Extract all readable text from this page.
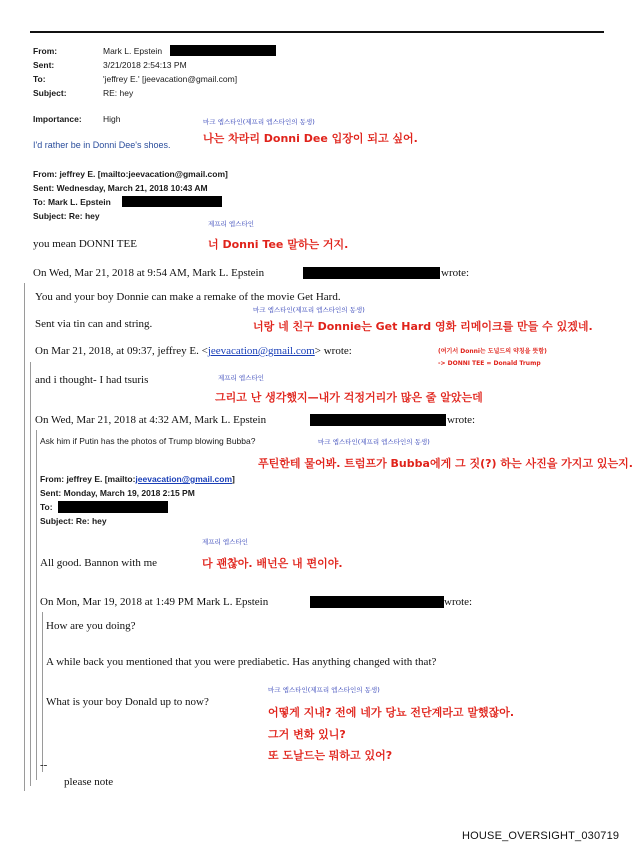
From:	Mark L. Epstein
Sent:	3/21/2018 2:54:13 PM
To:	'jeffrey E.' [jeevacation@gmail.com]
Subject:	RE: hey
Importance:	High	마크 엡스타인(제프리 엡스타인의 동생)
나는 차라리 Donni Dee 입장이 되고 싶어.
I'd rather be in Donni Dee's shoes.
From: jeffrey E. [mailto:jeevacation@gmail.com]
Sent: Wednesday, March 21, 2018 10:43 AM
To: Mark L. Epstein
Subject: Re: hey
제프리 엡스타인
you mean DONNI TEE	너 Donni Tee 말하는 거지.
On Wed, Mar 21, 2018 at 9:54 AM, Mark L. Epstein	wrote:
You and your boy Donnie can make a remake of the movie Get Hard.
마크 엡스타인(제프리 엡스타인의 동생)
Sent via tin can and string.	너랑 네 친구 Donnie는 Get Hard 영화 리메이크를 만들 수 있겠네.
On Mar 21, 2018, at 09:37, jeffrey E. <jeevacation@gmail.com> wrote:	(여기서 Donni는 도널드의 약칭을 뜻함)
-> DONNI TEE = Donald Trump
제프리 엡스타인
and i thought- I had tsuris
그리고 난 생각했지—내가 걱정거리가 많은 줄 알았는데
On Wed, Mar 21, 2018 at 4:32 AM, Mark L. Epstein	wrote:
Ask him if Putin has the photos of Trump blowing Bubba?	마크 엡스타인(제프리 엡스타인의 동생)
푸틴한테 물어봐. 트럼프가 Bubba에게 그 짓(?) 하는 사진을 가지고 있는지.
From: jeffrey E. [mailto:jeevacation@gmail.com]
Sent: Monday, March 19, 2018 2:15 PM
To:
Subject: Re: hey
제프리 엡스타인
All good. Bannon with me	다 괜찮아. 배넌은 내 편이야.
On Mon, Mar 19, 2018 at 1:49 PM Mark L. Epstein	wrote:
How are you doing?
A while back you mentioned that you were prediabetic. Has anything changed with that?
마크 엡스타인(제프리 엡스타인의 동생)
What is your boy Donald up to now?
어떻게 지내? 전에 네가 당뇨 전단계라고 말했잖아.
그거 변화 있니?
또 도날드는 뭐하고 있어?
--
please note
HOUSE_OVERSIGHT_030719
